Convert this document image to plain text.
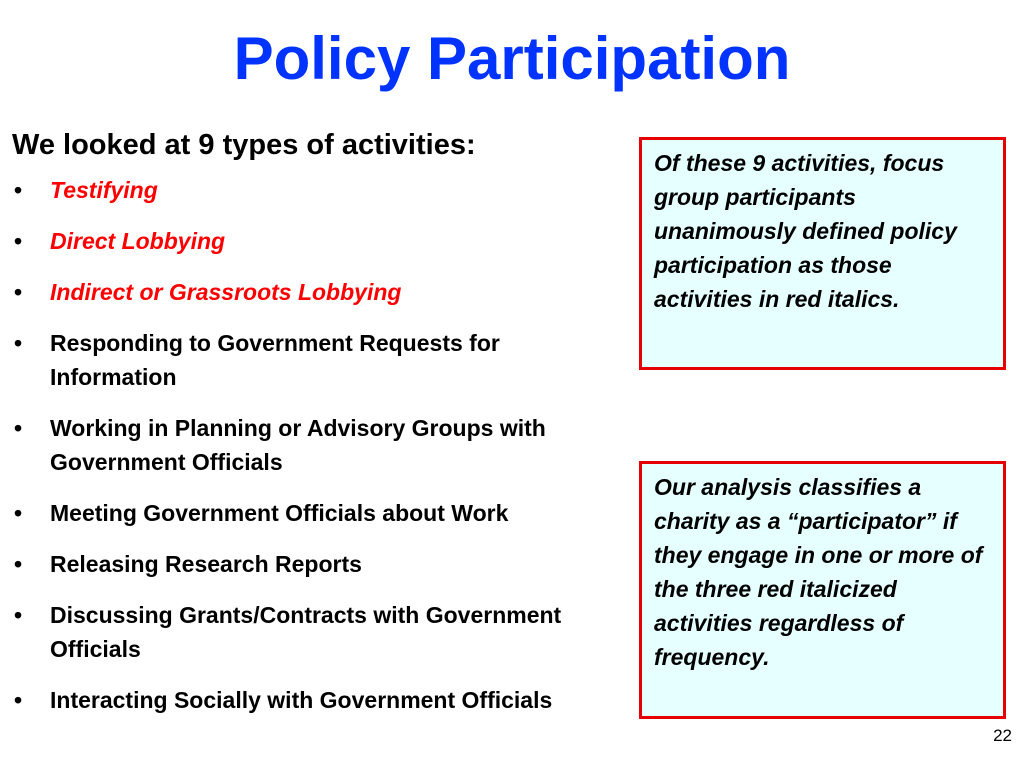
Policy Participation
We looked at 9 types of activities:
• Testifying
• Direct Lobbying
• Indirect or Grassroots Lobbying
• Responding to Government Requests for Information
• Working in Planning or Advisory Groups with Government Officials
• Meeting Government Officials about Work
• Releasing Research Reports
• Discussing Grants/Contracts with Government Officials
• Interacting Socially with Government Officials
Of these 9 activities, focus group participants unanimously defined policy participation as those activities in red italics.
Our analysis classifies a charity as a “participator” if they engage in one or more of the three red italicized activities regardless of frequency.
22
